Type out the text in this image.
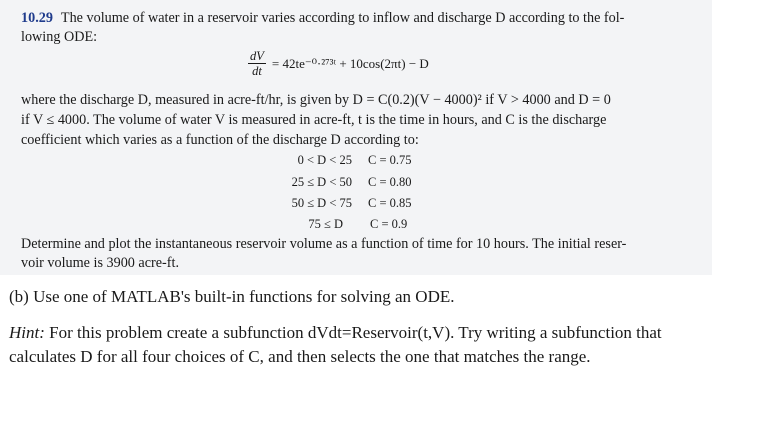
10.29 The volume of water in a reservoir varies according to inflow and discharge D according to the fol-
lowing ODE:
$\frac{dV}{dt}$ = 42te⁻⁰·²⁷³ᵗ + 10cos(2πt) − D
where the discharge D, measured in acre-ft/hr, is given by D = C(0.2)(V − 4000)² if V > 4000 and D = 0
if V ≤ 4000. The volume of water V is measured in acre-ft, t is the time in hours, and C is the discharge
coefficient which varies as a function of the discharge D according to:
0 < D < 25 C = 0.75
25 ≤ D < 50 C = 0.80
50 ≤ D < 75 C = 0.85
75 ≤ D C = 0.9
Determine and plot the instantaneous reservoir volume as a function of time for 10 hours. The initial reser-
voir volume is 3900 acre-ft.
(b) Use one of MATLAB's built-in functions for solving an ODE.
Hint: For this problem create a subfunction dVdt=Reservoir(t,V). Try writing a subfunction that
calculates D for all four choices of C, and then selects the one that matches the range.
